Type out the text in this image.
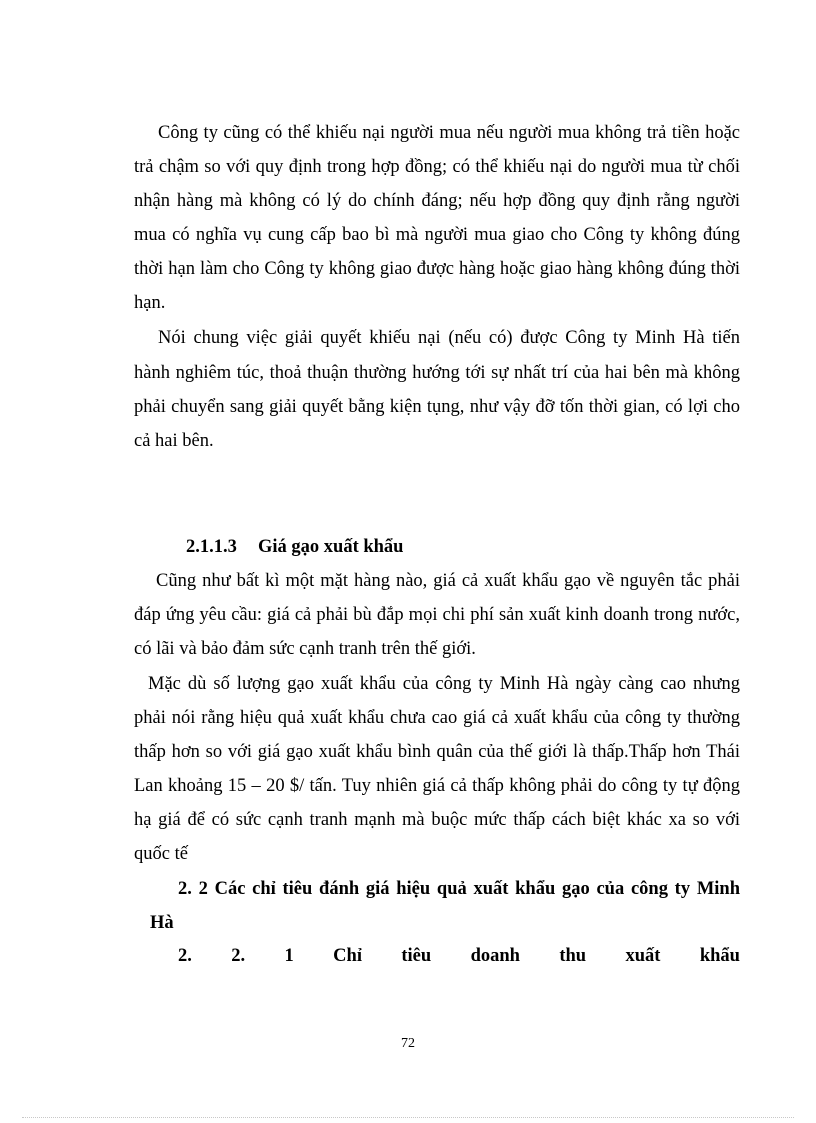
Công ty cũng có thể khiếu nại người mua nếu người mua không trả tiền hoặc
trả chậm so với quy định trong hợp đồng; có thể khiếu nại do người mua từ chối
nhận hàng mà không có lý do chính đáng; nếu hợp đồng quy định rằng người
mua có nghĩa vụ cung cấp bao bì mà người mua giao cho Công ty không đúng
thời hạn làm cho Công ty không giao được hàng hoặc giao hàng không đúng thời
hạn.
Nói chung việc giải quyết khiếu nại (nếu có) được Công ty Minh Hà tiến
hành nghiêm túc, thoả thuận thường hướng tới sự nhất trí của hai bên mà không
phải chuyển sang giải quyết bằng kiện tụng, như vậy đỡ tốn thời gian, có lợi cho
cả hai bên.
2.1.1.3 Giá gạo xuất khẩu
Cũng như bất kì một mặt hàng nào, giá cả xuất khẩu gạo về nguyên tắc phải
đáp ứng yêu cầu: giá cả phải bù đắp mọi chi phí sản xuất kinh doanh trong nước,
có lãi và bảo đảm sức cạnh tranh trên thế giới.
Mặc dù số lượng gạo xuất khẩu của công ty Minh Hà ngày càng cao nhưng
phải nói rằng hiệu quả xuất khẩu chưa cao giá cả xuất khẩu của công ty thường
thấp hơn so với giá gạo xuất khẩu bình quân của thế giới là thấp.Thấp hơn Thái
Lan khoảng 15 – 20 $/ tấn. Tuy nhiên giá cả thấp không phải do công ty tự động
hạ giá để có sức cạnh tranh mạnh mà buộc mức thấp cách biệt khác xa so với
quốc tế
2. 2 Các chỉ tiêu đánh giá hiệu quả xuất khẩu gạo của công ty Minh
Hà
2. 2. 1 Chỉ tiêu doanh thu xuất khẩu
72
